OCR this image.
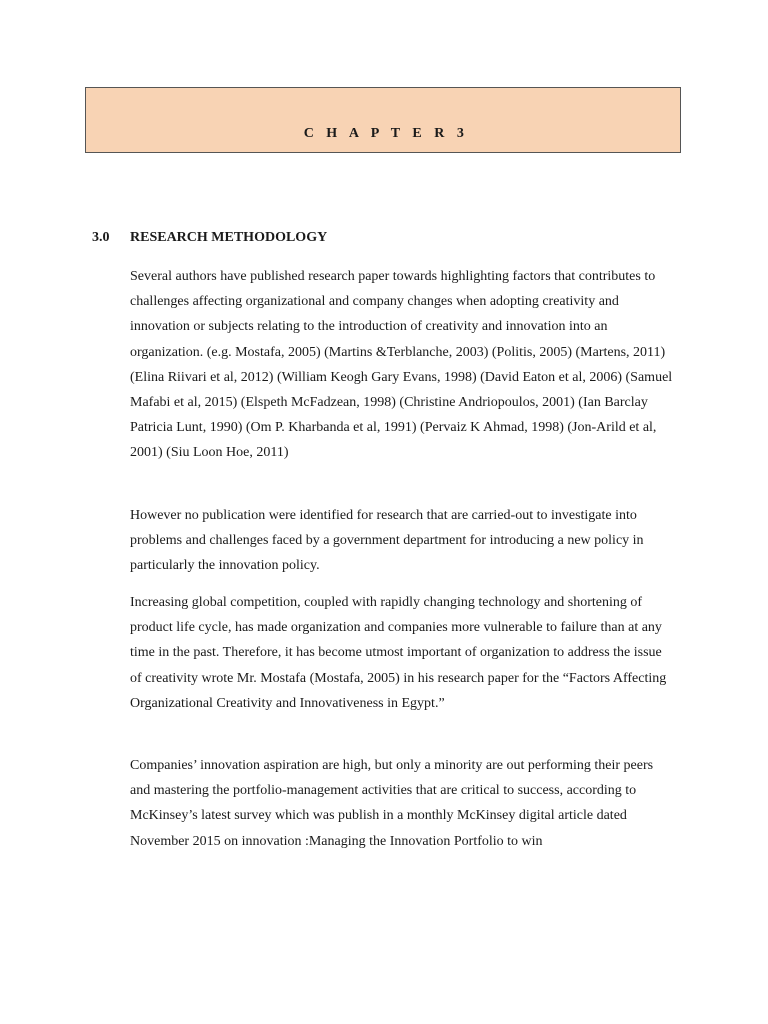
C H A P T E R 3
3.0 RESEARCH METHODOLOGY

Several authors have published research paper towards highlighting factors that contributes to challenges affecting organizational and company changes when adopting creativity and innovation or subjects relating to the introduction of creativity and innovation into an organization. (e.g. Mostafa, 2005) (Martins &Terblanche, 2003) (Politis, 2005) (Martens, 2011) (Elina Riivari et al, 2012) (William Keogh Gary Evans, 1998) (David Eaton et al, 2006) (Samuel Mafabi et al, 2015) (Elspeth McFadzean, 1998) (Christine Andriopoulos, 2001) (Ian Barclay Patricia Lunt, 1990) (Om P. Kharbanda et al, 1991) (Pervaiz K Ahmad, 1998) (Jon-Arild et al, 2001) (Siu Loon Hoe, 2011)

However no publication were identified for research that are carried-out to investigate into problems and challenges faced by a government department for introducing a new policy in particularly the innovation policy.

Increasing global competition, coupled with rapidly changing technology and shortening of product life cycle, has made organization and companies more vulnerable to failure than at any time in the past. Therefore, it has become utmost important of organization to address the issue of creativity wrote Mr. Mostafa (Mostafa, 2005) in his research paper for the “Factors Affecting Organizational Creativity and Innovativeness in Egypt.”

Companies’ innovation aspiration are high, but only a minority are out performing their peers and mastering the portfolio-management activities that are critical to success, according to McKinsey’s latest survey which was publish in a monthly McKinsey digital article dated November 2015 on innovation :Managing the Innovation Portfolio to win
